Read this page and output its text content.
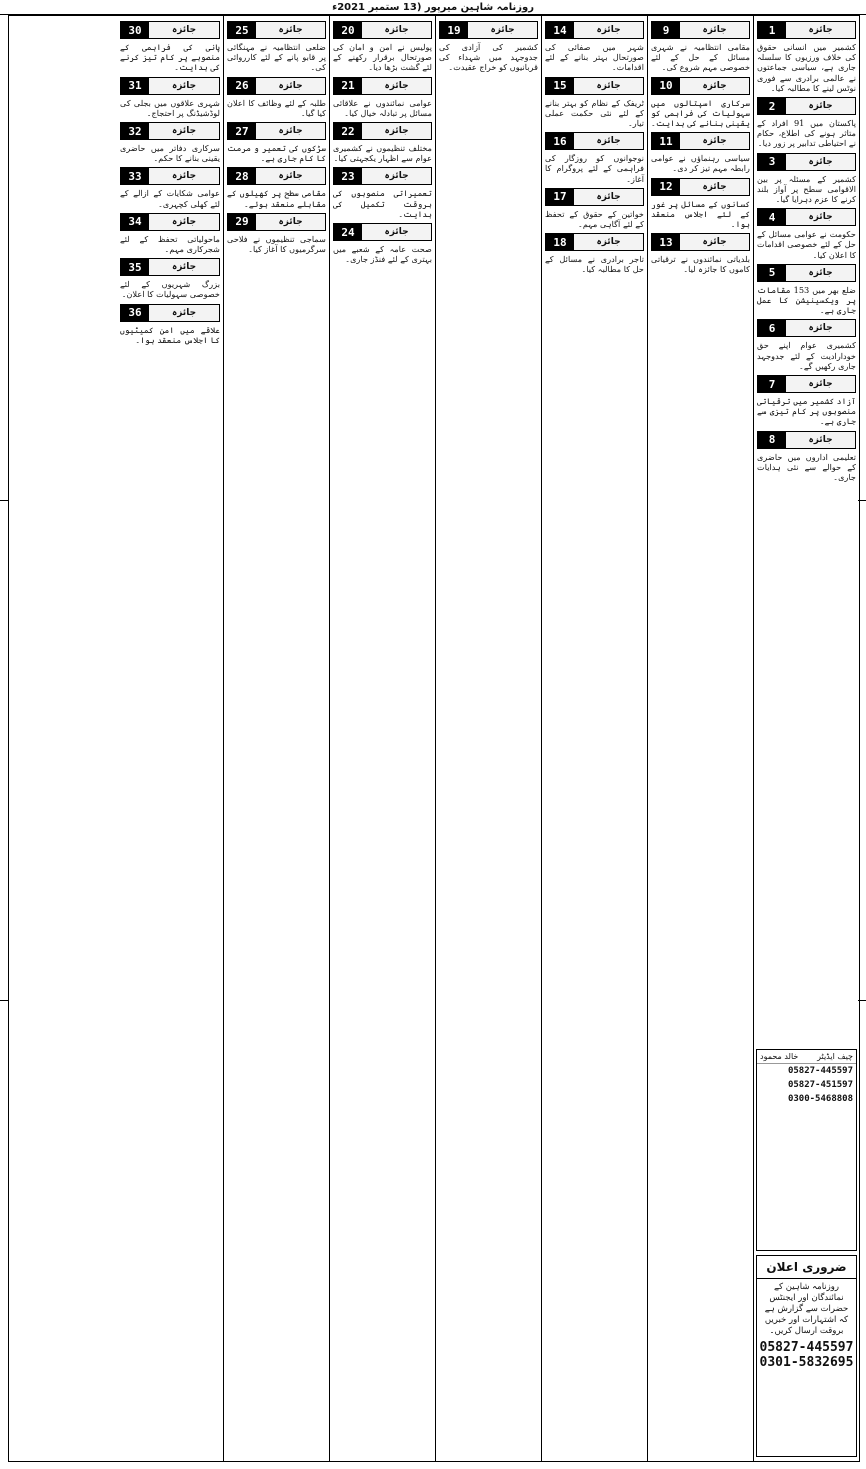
روزنامہ شاہین میرپور (13 ستمبر 2021ء
جائزہ
1
کشمیر میں انسانی حقوق کی خلاف ورزیوں کا سلسلہ جاری ہے، سیاسی جماعتوں نے عالمی برادری سے فوری نوٹس لینے کا مطالبہ کیا۔
جائزہ
2
پاکستان میں 91 افراد کے متاثر ہونے کی اطلاع، حکام نے احتیاطی تدابیر پر زور دیا۔
جائزہ
3
کشمیر کے مسئلہ پر بین الاقوامی سطح پر آواز بلند کرنے کا عزم دہرایا گیا۔
جائزہ
4
حکومت نے عوامی مسائل کے حل کے لئے خصوصی اقدامات کا اعلان کیا۔
جائزہ
5
ضلع بھر میں 153 مقامات پر ویکسینیشن کا عمل جاری ہے۔
جائزہ
6
کشمیری عوام اپنے حق خودارادیت کے لئے جدوجہد جاری رکھیں گے۔
جائزہ
7
آزاد کشمیر میں ترقیاتی منصوبوں پر کام تیزی سے جاری ہے۔
جائزہ
8
تعلیمی اداروں میں حاضری کے حوالے سے نئی ہدایات جاری۔
چیف ایڈیٹر
خالد محمود
05827-445597
05827-451597
0300-5468808
ضروری اعلان
روزنامہ شاہین کے نمائندگان اور ایجنٹس حضرات سے گزارش ہے کہ اشتہارات اور خبریں بروقت ارسال کریں۔
05827-445597
0301-5832695
جائزہ
9
مقامی انتظامیہ نے شہری مسائل کے حل کے لئے خصوصی مہم شروع کی۔
جائزہ
10
سرکاری اسپتالوں میں سہولیات کی فراہمی کو یقینی بنانے کی ہدایت۔
جائزہ
11
سیاسی رہنماؤں نے عوامی رابطہ مہم تیز کر دی۔
جائزہ
12
کسانوں کے مسائل پر غور کے لئے اجلاس منعقد ہوا۔
جائزہ
13
بلدیاتی نمائندوں نے ترقیاتی کاموں کا جائزہ لیا۔
جائزہ
14
شہر میں صفائی کی صورتحال بہتر بنانے کے لئے اقدامات۔
جائزہ
15
ٹریفک کے نظام کو بہتر بنانے کے لئے نئی حکمت عملی تیار۔
جائزہ
16
نوجوانوں کو روزگار کی فراہمی کے لئے پروگرام کا آغاز۔
جائزہ
17
خواتین کے حقوق کے تحفظ کے لئے آگاہی مہم۔
جائزہ
18
تاجر برادری نے مسائل کے حل کا مطالبہ کیا۔
جائزہ
19
کشمیر کی آزادی کی جدوجہد میں شہداء کی قربانیوں کو خراج عقیدت۔
جائزہ
20
پولیس نے امن و امان کی صورتحال برقرار رکھنے کے لئے گشت بڑھا دیا۔
جائزہ
21
عوامی نمائندوں نے علاقائی مسائل پر تبادلہ خیال کیا۔
جائزہ
22
مختلف تنظیموں نے کشمیری عوام سے اظہار یکجہتی کیا۔
جائزہ
23
تعمیراتی منصوبوں کی بروقت تکمیل کی ہدایت۔
جائزہ
24
صحت عامہ کے شعبے میں بہتری کے لئے فنڈز جاری۔
جائزہ
25
ضلعی انتظامیہ نے مہنگائی پر قابو پانے کے لئے کارروائی کی۔
جائزہ
26
طلبہ کے لئے وظائف کا اعلان کیا گیا۔
جائزہ
27
سڑکوں کی تعمیر و مرمت کا کام جاری ہے۔
جائزہ
28
مقامی سطح پر کھیلوں کے مقابلے منعقد ہوئے۔
جائزہ
29
سماجی تنظیموں نے فلاحی سرگرمیوں کا آغاز کیا۔
جائزہ
30
پانی کی فراہمی کے منصوبے پر کام تیز کرنے کی ہدایت۔
جائزہ
31
شہری علاقوں میں بجلی کی لوڈشیڈنگ پر احتجاج۔
جائزہ
32
سرکاری دفاتر میں حاضری یقینی بنانے کا حکم۔
جائزہ
33
عوامی شکایات کے ازالے کے لئے کھلی کچہری۔
جائزہ
34
ماحولیاتی تحفظ کے لئے شجرکاری مہم۔
جائزہ
35
بزرگ شہریوں کے لئے خصوصی سہولیات کا اعلان۔
جائزہ
36
علاقے میں امن کمیٹیوں کا اجلاس منعقد ہوا۔
